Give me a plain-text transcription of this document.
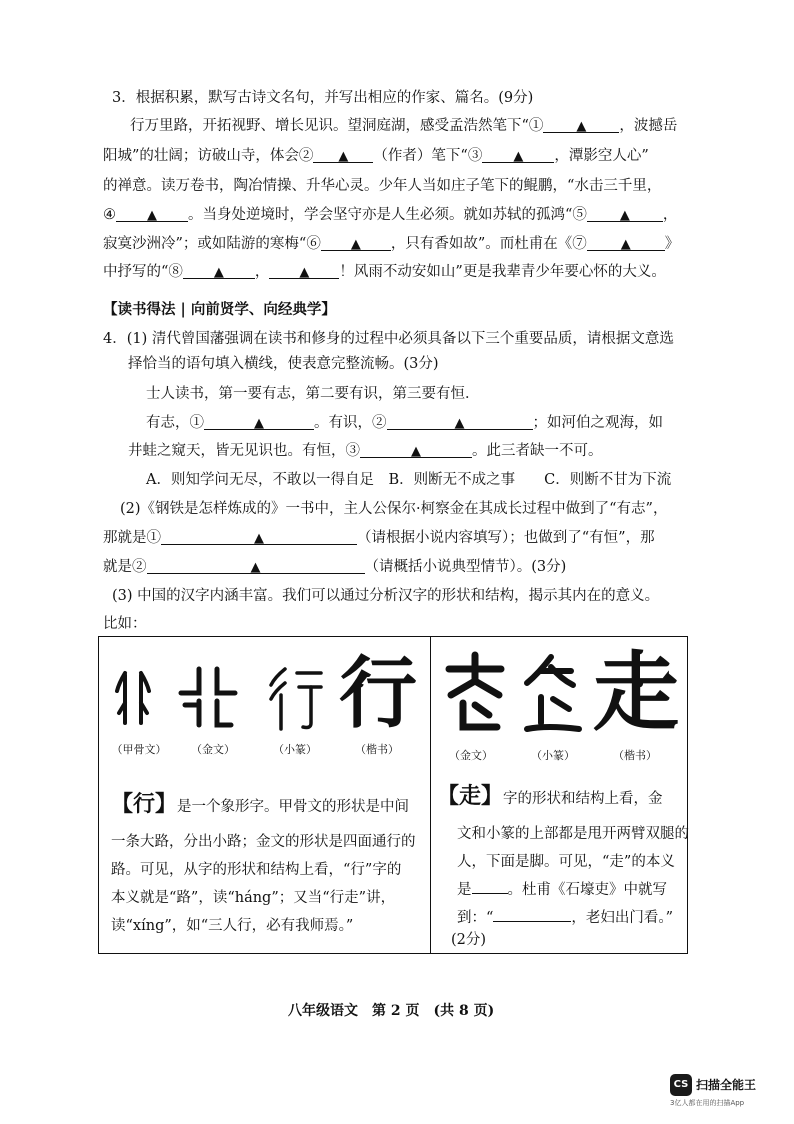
3．根据积累，默写古诗文名句，并写出相应的作家、篇名。(9分)
行万里路，开拓视野、增长见识。望洞庭湖，感受孟浩然笔下“①	▲ ，波撼岳
阳城”的壮阔；访破山寺，体会② ▲ （作者）笔下“③ ▲ ，潭影空人心”
的禅意。读万卷书，陶冶情操、升华心灵。少年人当如庄子笔下的鲲鹏，“水击三千里，
④ ▲ 。当身处逆境时，学会坚守亦是人生必须。就如苏轼的孤鸿“⑤	▲ ，
寂寞沙洲冷”；或如陆游的寒梅“⑥ ▲ ，只有香如故”。而杜甫在《⑦	▲ 》
中抒写的“⑧ ▲ ， ▲ ！风雨不动安如山”更是我辈青少年要心怀的大义。
【读书得法 | 向前贤学、向经典学】
4．(1) 清代曾国藩强调在读书和修身的过程中必须具备以下三个重要品质，请根据文意选
择恰当的语句填入横线，使表意完整流畅。(3分)
士人读书，第一要有志，第二要有识，第三要有恒．
有志，①	▲	。有识，②	▲	；如河伯之观海，如
井蛙之窥天，皆无见识也。有恒，③	▲	。此三者缺一不可。
A．则知学问无尽，不敢以一得自足　B．则断无不成之事　　C．则断不甘为下流
(2)《钢铁是怎样炼成的》一书中，主人公保尔·柯察金在其成长过程中做到了“有志”，
那就是①	▲	（请根据小说内容填写）；也做到了“有恒”，那
就是②	▲	（请概括小说典型情节）。(3分)
(3) 中国的汉字内涵丰富。我们可以通过分析汉字的形状和结构，揭示其内在的意义。
比如：
行
（甲骨文）	（金文）	（小篆）	（楷书）
【行】是一个象形字。甲骨文的形状是中间
一条大路，分出小路；金文的形状是四面通行的
路。可见，从字的形状和结构上看，“行”字的
本义就是“路”，读“háng”；又当“行走”讲，
读“xíng”，如“三人行，必有我师焉。”
走
（金文）	（小篆）	（楷书）
【走】字的形状和结构上看，金
文和小篆的上部都是甩开两臂双腿的
人，下面是脚。可见，“走”的本义
是 。杜甫《石壕吏》中就写
到：“	，老妇出门看。”
(2分)
八年级语文　第 2 页　(共 8 页)
CS 扫描全能王
3亿人都在用的扫描App
